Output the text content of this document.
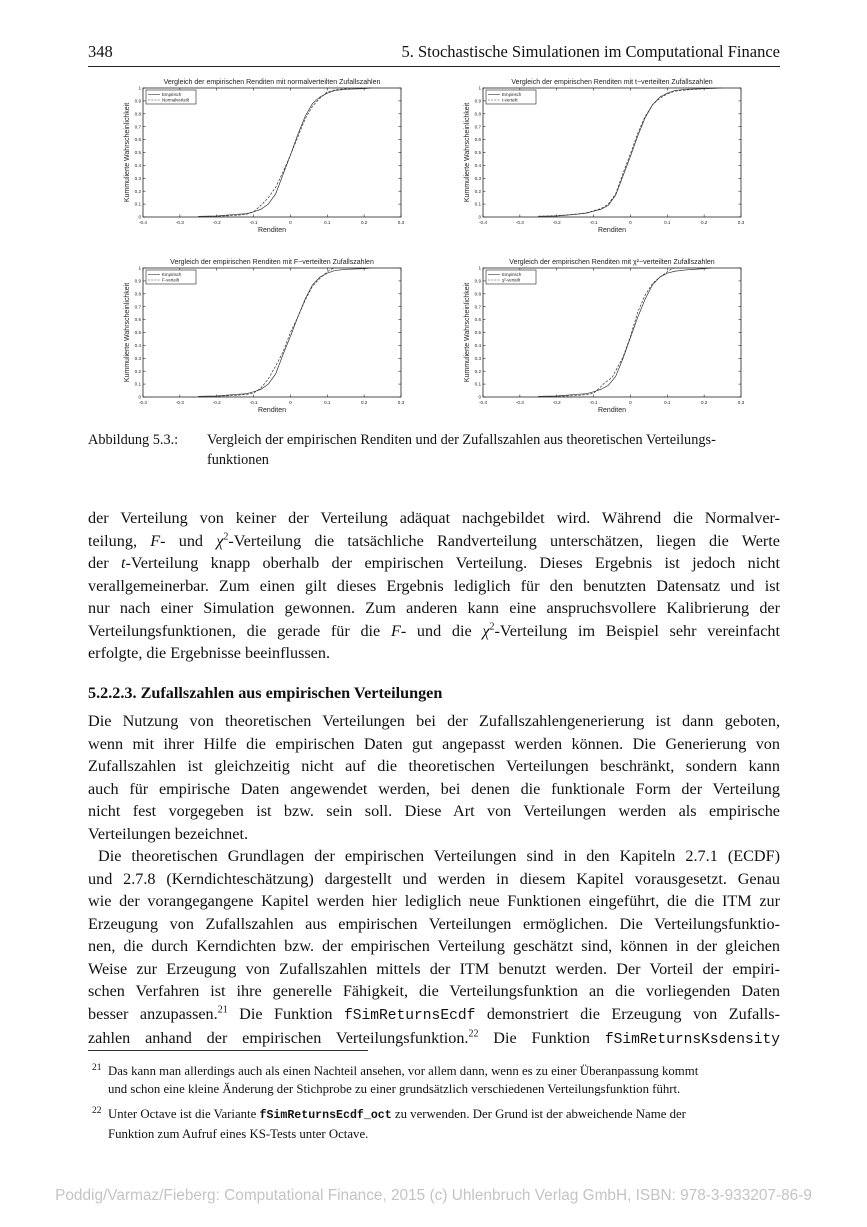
348	5. Stochastische Simulationen im Computational Finance
Vergleich der empirischen Renditen mit normalverteilten Zufallszahlen
-0.4	-0.3	-0.2	-0.1	0	0.1	0.2	0.3
0
0.1
0.2
0.3
0.4
0.5
0.6
0.7
0.8
0.9
1
Renditen
Kummulierte Wahrscheinlichkeit
Empirisch
Normalverteilt
Vergleich der empirischen Renditen mit t−verteilten Zufallszahlen
-0.4	-0.3	-0.2	-0.1	0	0.1	0.2	0.3
0
0.1
0.2
0.3
0.4
0.5
0.6
0.7
0.8
0.9
1
Renditen
Kummulierte Wahrscheinlichkeit
Empirisch
t-verteilt
Vergleich der empirischen Renditen mit F−verteilten Zufallszahlen
-0.4	-0.3	-0.2	-0.1	0	0.1	0.2	0.3
0
0.1
0.2
0.3
0.4
0.5
0.6
0.7
0.8
0.9
1
Renditen
Kummulierte Wahrscheinlichkeit
Empirisch
F-verteilt
Vergleich der empirischen Renditen mit χ²−verteilten Zufallszahlen
-0.4	-0.3	-0.2	-0.1	0	0.1	0.2	0.3
0
0.1
0.2
0.3
0.4
0.5
0.6
0.7
0.8
0.9
1
Renditen
Kummulierte Wahrscheinlichkeit
Empirisch
χ²-verteilt
Abbildung 5.3.: Vergleich der empirischen Renditen und der Zufallszahlen aus theoretischen Verteilungs-
funktionen
der Verteilung von keiner der Verteilung adäquat nachgebildet wird. Während die Normalver-
teilung, F- und $\chi^2$-Verteilung die tatsächliche Randverteilung unterschätzen, liegen die Werte
der t-Verteilung knapp oberhalb der empirischen Verteilung. Dieses Ergebnis ist jedoch nicht
verallgemeinerbar. Zum einen gilt dieses Ergebnis lediglich für den benutzten Datensatz und ist
nur nach einer Simulation gewonnen. Zum anderen kann eine anspruchsvollere Kalibrierung der
Verteilungsfunktionen, die gerade für die F- und die $\chi^2$-Verteilung im Beispiel sehr vereinfacht
erfolgte, die Ergebnisse beeinflussen.
5.2.2.3. Zufallszahlen aus empirischen Verteilungen
Die Nutzung von theoretischen Verteilungen bei der Zufallszahlengenerierung ist dann geboten,
wenn mit ihrer Hilfe die empirischen Daten gut angepasst werden können. Die Generierung von
Zufallszahlen ist gleichzeitig nicht auf die theoretischen Verteilungen beschränkt, sondern kann
auch für empirische Daten angewendet werden, bei denen die funktionale Form der Verteilung
nicht fest vorgegeben ist bzw. sein soll. Diese Art von Verteilungen werden als empirische
Verteilungen bezeichnet.
Die theoretischen Grundlagen der empirischen Verteilungen sind in den Kapiteln 2.7.1 (ECDF)
und 2.7.8 (Kerndichteschätzung) dargestellt und werden in diesem Kapitel vorausgesetzt. Genau
wie der vorangegangene Kapitel werden hier lediglich neue Funktionen eingeführt, die die ITM zur
Erzeugung von Zufallszahlen aus empirischen Verteilungen ermöglichen. Die Verteilungsfunktio-
nen, die durch Kerndichten bzw. der empirischen Verteilung geschätzt sind, können in der gleichen
Weise zur Erzeugung von Zufallszahlen mittels der ITM benutzt werden. Der Vorteil der empiri-
schen Verfahren ist ihre generelle Fähigkeit, die Verteilungsfunktion an die vorliegenden Daten
besser anzupassen.$^{21}$ Die Funktion fSimReturnsEcdf demonstriert die Erzeugung von Zufalls-
zahlen anhand der empirischen Verteilungsfunktion.$^{22}$ Die Funktion fSimReturnsKsdensity
21 Das kann man allerdings auch als einen Nachteil ansehen, vor allem dann, wenn es zu einer Überanpassung kommt
und schon eine kleine Änderung der Stichprobe zu einer grundsätzlich verschiedenen Verteilungsfunktion führt.
22 Unter Octave ist die Variante fSimReturnsEcdf_oct zu verwenden. Der Grund ist der abweichende Name der
Funktion zum Aufruf eines KS-Tests unter Octave.
Poddig/Varmaz/Fieberg: Computational Finance, 2015 (c) Uhlenbruch Verlag GmbH, ISBN: 978-3-933207-86-9
